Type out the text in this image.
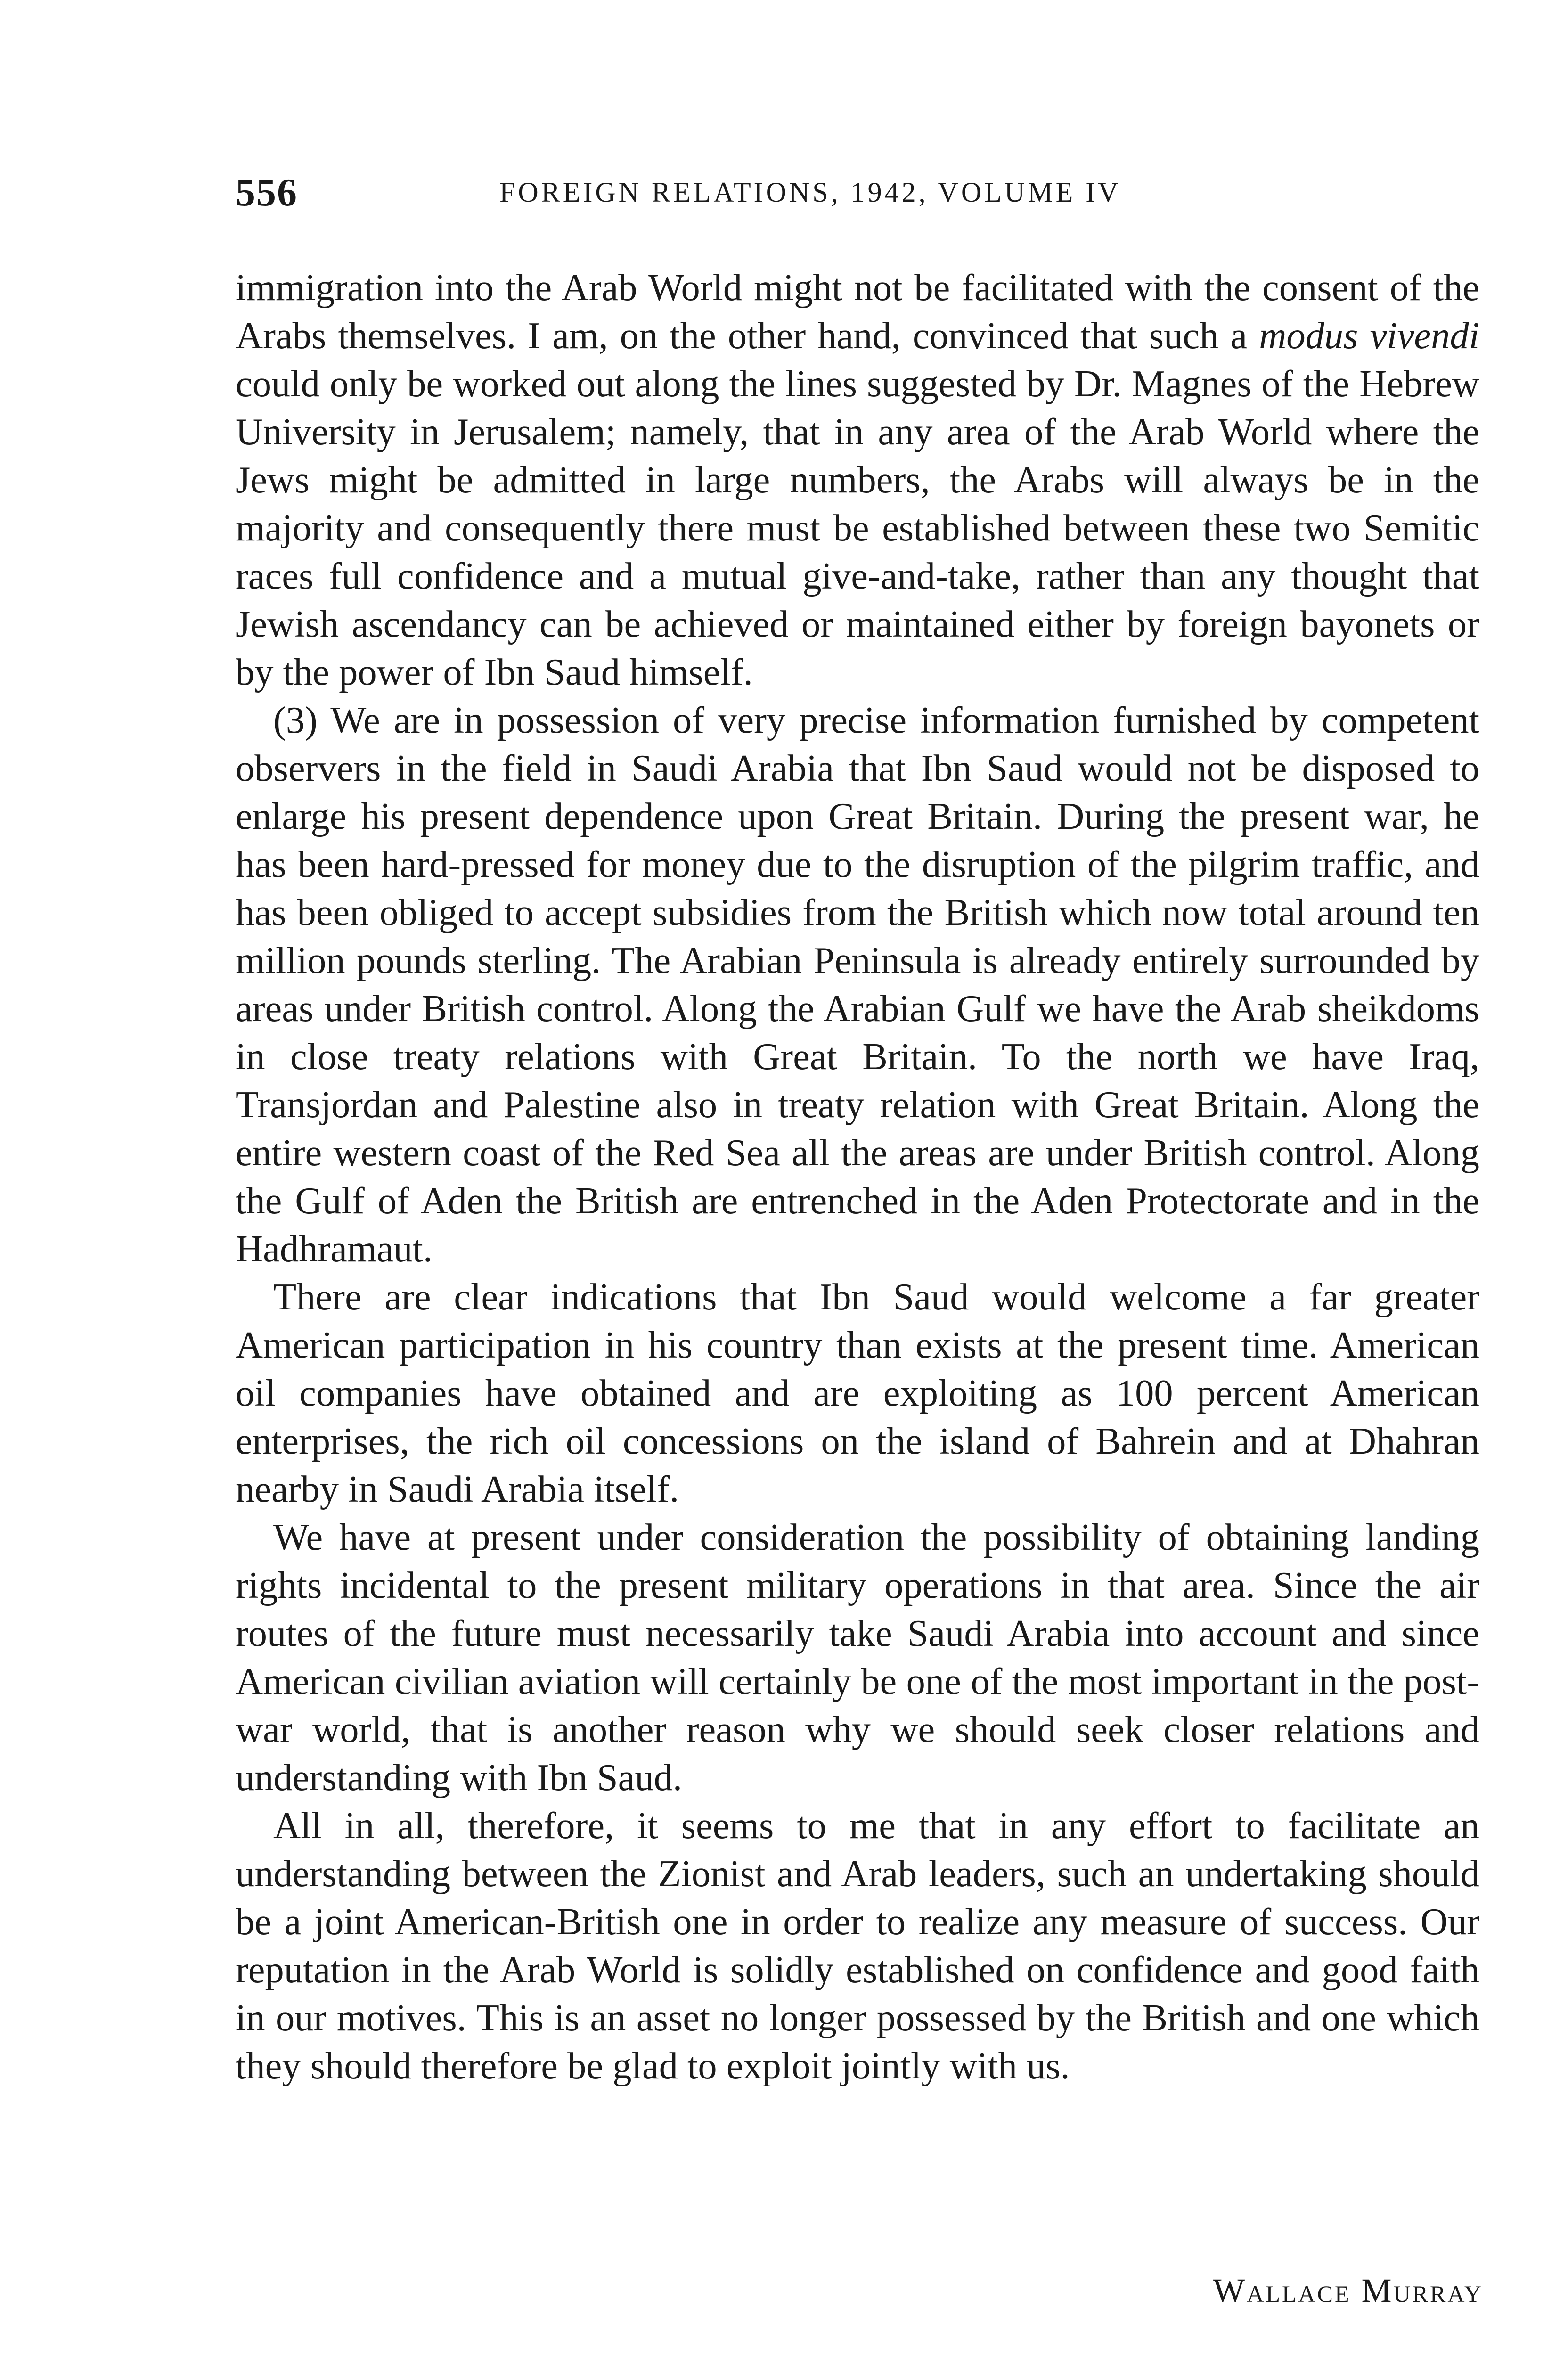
556	FOREIGN RELATIONS, 1942, VOLUME IV

immigration into the Arab World might not be facilitated with the consent of the Arabs themselves. I am, on the other hand, convinced that such a modus vivendi could only be worked out along the lines suggested by Dr. Magnes of the Hebrew University in Jerusalem; namely, that in any area of the Arab World where the Jews might be admitted in large numbers, the Arabs will always be in the majority and consequently there must be established between these two Semitic races full confidence and a mutual give-and-take, rather than any thought that Jewish ascendancy can be achieved or maintained either by foreign bayonets or by the power of Ibn Saud himself.

(3) We are in possession of very precise information furnished by competent observers in the field in Saudi Arabia that Ibn Saud would not be disposed to enlarge his present dependence upon Great Britain. During the present war, he has been hard-pressed for money due to the disruption of the pilgrim traffic, and has been obliged to accept subsidies from the British which now total around ten million pounds sterling. The Arabian Peninsula is already entirely surrounded by areas under British control. Along the Arabian Gulf we have the Arab sheikdoms in close treaty relations with Great Britain. To the north we have Iraq, Transjordan and Palestine also in treaty relation with Great Britain. Along the entire western coast of the Red Sea all the areas are under British control. Along the Gulf of Aden the British are entrenched in the Aden Protectorate and in the Hadhramaut.

There are clear indications that Ibn Saud would welcome a far greater American participation in his country than exists at the present time. American oil companies have obtained and are exploiting as 100 percent American enterprises, the rich oil concessions on the island of Bahrein and at Dhahran nearby in Saudi Arabia itself.

We have at present under consideration the possibility of obtaining landing rights incidental to the present military operations in that area. Since the air routes of the future must necessarily take Saudi Arabia into account and since American civilian aviation will certainly be one of the most important in the post-war world, that is another reason why we should seek closer relations and understanding with Ibn Saud.

All in all, therefore, it seems to me that in any effort to facilitate an understanding between the Zionist and Arab leaders, such an undertaking should be a joint American-British one in order to realize any measure of success. Our reputation in the Arab World is solidly established on confidence and good faith in our motives. This is an asset no longer possessed by the British and one which they should therefore be glad to exploit jointly with us.

Wallace Murray
